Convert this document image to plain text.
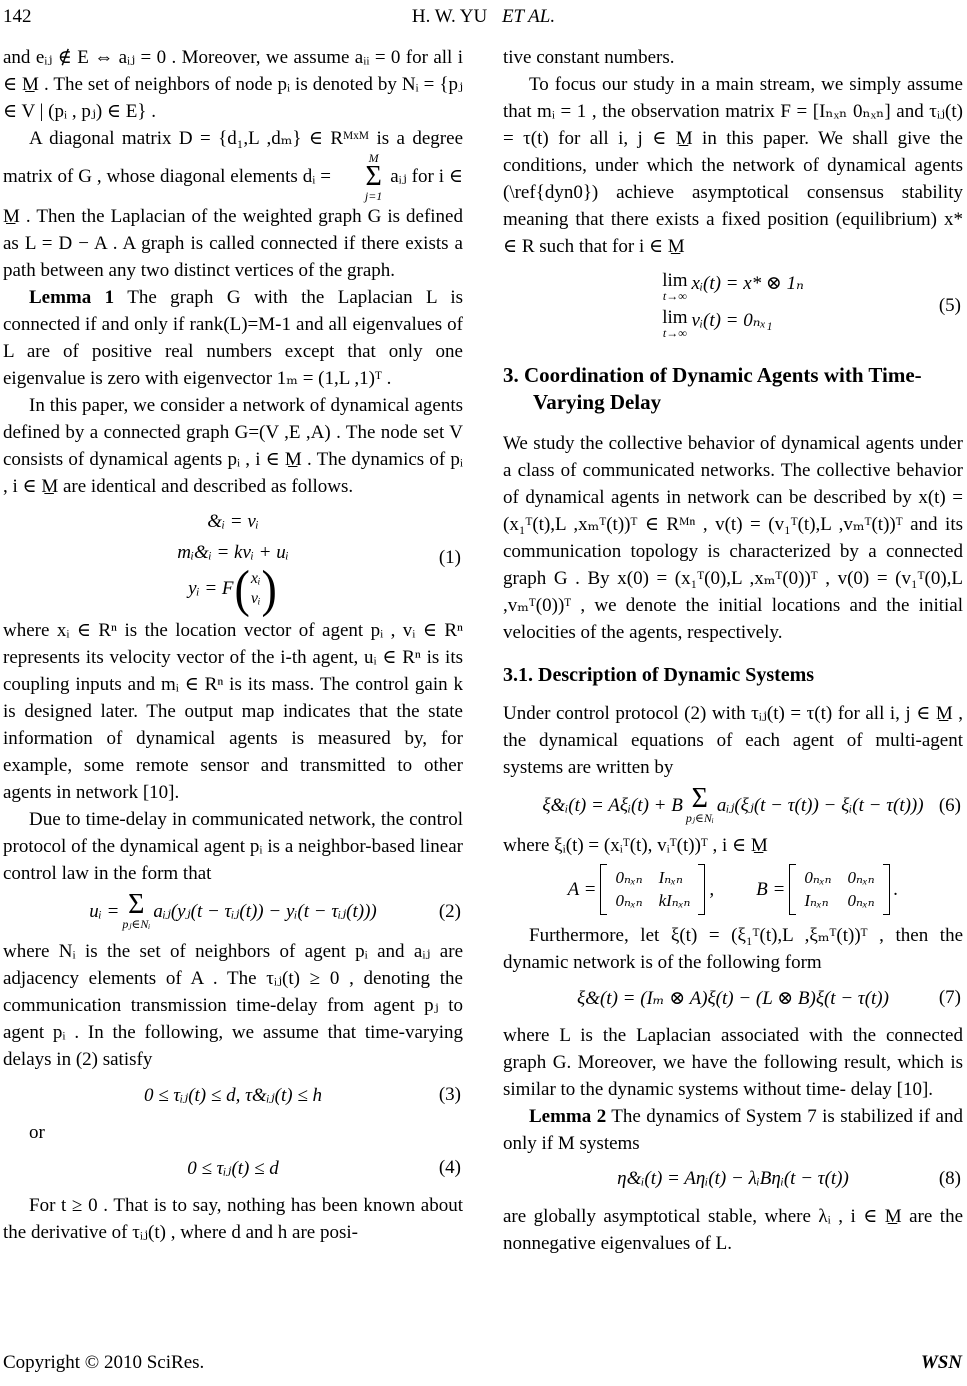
142	H. W. YU ET AL.

and eᵢⱼ ∉ E ⇔ aᵢⱼ = 0 . Moreover, we assume aᵢᵢ = 0 for all i ∈ M̲ . The set of neighbors of node pᵢ is denoted by Nᵢ = {pⱼ ∈ V | (pᵢ , pⱼ) ∈ E} .

A diagonal matrix D = {d₁,L ,dₘ} ∈ Rᴹˣᴹ is a degree matrix of G , whose diagonal elements dᵢ =
M
Σ
j=1
aᵢⱼ for i ∈ M̲ . Then the Laplacian of the weighted graph G is defined as L = D − A . A graph is called connected if there exists a path between any two distinct vertices of the graph.

Lemma 1 The graph G with the Laplacian L is connected if and only if rank(L)=M-1 and all eigenvalues of L are of positive real numbers except that only one eigenvalue is zero with eigenvector 1ₘ = (1,L ,1)ᵀ .

In this paper, we consider a network of dynamical agents defined by a connected graph G=(V ,E ,A) . The node set V consists of dynamical agents pᵢ , i ∈ M̲ . The dynamics of pᵢ , i ∈ M̲ are identical and described as follows.

&ᵢ = vᵢ
mᵢ&ᵢ = kvᵢ + uᵢ
yᵢ = F ( xᵢ
vᵢ )
(1)

where xᵢ ∈ Rⁿ is the location vector of agent pᵢ , vᵢ ∈ Rⁿ represents its velocity vector of the i-th agent, uᵢ ∈ Rⁿ is its coupling inputs and mᵢ ∈ Rⁿ is its mass. The control gain k is designed later. The output map indicates that the state information of dynamical agents is measured by, for example, some remote sensor and transmitted to other agents in network [10].

Due to time-delay in communicated network, the control protocol of the dynamical agent pᵢ is a neighbor-based linear control law in the form that

uᵢ = Σ
pⱼ∈Nᵢ
aᵢⱼ(yⱼ(t − τᵢⱼ(t)) − yᵢ(t − τᵢⱼ(t)))	(2)

where Nᵢ is the set of neighbors of agent pᵢ and aᵢⱼ are adjacency elements of A . The τᵢⱼ(t) ≥ 0 , denoting the communication transmission time-delay from agent pⱼ to agent pᵢ . In the following, we assume that time-varying delays in (2) satisfy

0 ≤ τᵢⱼ(t) ≤ d, τ&ᵢⱼ(t) ≤ h	(3)

or

0 ≤ τᵢⱼ(t) ≤ d	(4)

For t ≥ 0 . That is to say, nothing has been known about the derivative of τᵢⱼ(t) , where d and h are posi-

tive constant numbers.

To focus our study in a main stream, we simply assume that mᵢ = 1 , the observation matrix F = [Iₙₓₙ 0ₙₓₙ] and τᵢⱼ(t) = τ(t) for all i, j ∈ M̲ in this paper. We shall give the conditions, under which the network of dynamical agents (\ref{dyn0}) achieve asymptotical consensus stability meaning that there exists a fixed position (equilibrium) x* ∈ R such that for i ∈ M̲

lim
t→∞
xᵢ(t) = x* ⊗ 1ₙ
lim
t→∞
vᵢ(t) = 0ₙₓ₁
(5)
3. Coordination of Dynamic Agents with Time-Varying Delay

We study the collective behavior of dynamical agents under a class of communicated networks. The collective behavior of dynamical agents in network can be described by x(t) = (x₁ᵀ(t),L ,xₘᵀ(t))ᵀ ∈ Rᴹⁿ , v(t) = (v₁ᵀ(t),L ,vₘᵀ(t))ᵀ and its communication topology is characterized by a connected graph G . By x(0) = (x₁ᵀ(0),L ,xₘᵀ(0))ᵀ , v(0) = (v₁ᵀ(0),L ,vₘᵀ(0))ᵀ , we denote the initial locations and the initial velocities of the agents, respectively.

3.1. Description of Dynamic Systems

Under control protocol (2) with τᵢⱼ(t) = τ(t) for all i, j ∈ M̲ , the dynamical equations of each agent of multi-agent systems are written by

ξ&ᵢ(t) = Aξᵢ(t) + B Σ
pⱼ∈Nᵢ
aᵢⱼ(ξⱼ(t − τ(t)) − ξᵢ(t − τ(t))) (6)

where ξᵢ(t) = (xᵢᵀ(t), vᵢᵀ(t))ᵀ , i ∈ M̲

A =
0ₙₓₙ Iₙₓₙ
0ₙₓₙ kIₙₓₙ
, B =
0ₙₓₙ 0ₙₓₙ
Iₙₓₙ 0ₙₓₙ
.

Furthermore, let ξ(t) = (ξ₁ᵀ(t),L ,ξₘᵀ(t))ᵀ , then the dynamic network is of the following form

ξ&(t) = (Iₘ ⊗ A)ξ(t) − (L ⊗ B)ξ(t − τ(t))	(7)

where L is the Laplacian associated with the connected graph G. Moreover, we have the following result, which is similar to the dynamic systems without time- delay [10].

Lemma 2 The dynamics of System 7 is stabilized if and only if M systems

η&ᵢ(t) = Aηᵢ(t) − λᵢBηᵢ(t − τ(t))	(8)

are globally asymptotical stable, where λᵢ , i ∈ M̲ are the nonnegative eigenvalues of L.

Copyright © 2010 SciRes.	WSN
